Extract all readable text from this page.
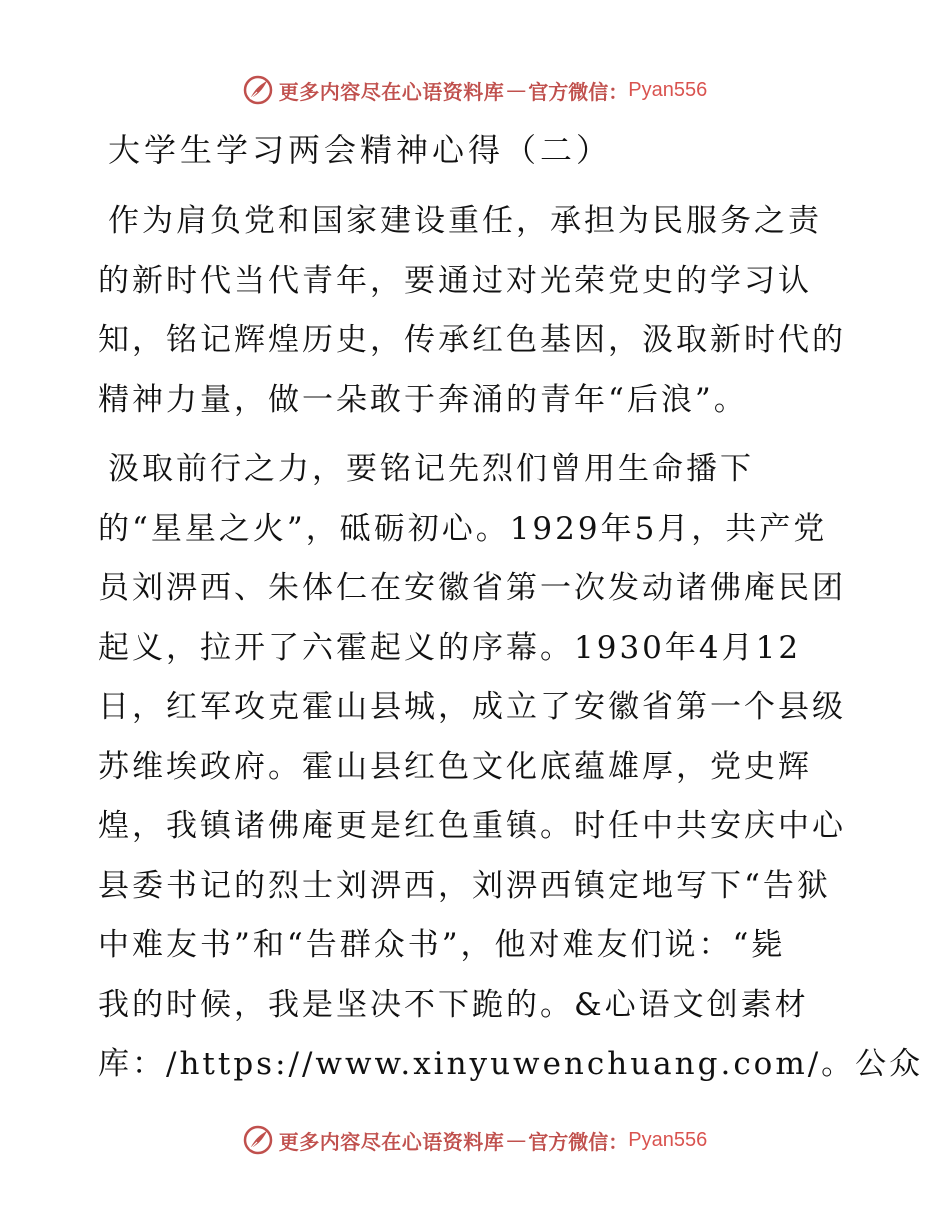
更多内容尽在心语资料库 — 官方微信： Pyan556
大学生学习两会精神心得（二）
作为肩负党和国家建设重任，承担为民服务之责
的新时代当代青年，要通过对光荣党史的学习认
知，铭记辉煌历史，传承红色基因，汲取新时代的
精神力量，做一朵敢于奔涌的青年“后浪”。
汲取前行之力，要铭记先烈们曾用生命播下
的“星星之火”，砥砺初心。1929年5月，共产党
员刘淠西、朱体仁在安徽省第一次发动诸佛庵民团
起义，拉开了六霍起义的序幕。1930年4月12
日，红军攻克霍山县城，成立了安徽省第一个县级
苏维埃政府。霍山县红色文化底蕴雄厚，党史辉
煌，我镇诸佛庵更是红色重镇。时任中共安庆中心
县委书记的烈士刘淠西，刘淠西镇定地写下“告狱
中难友书”和“告群众书”，他对难友们说：“毙
我的时候，我是坚决不下跪的。&心语文创素材
库：/https://www.xinyuwenchuang.com/。公众
更多内容尽在心语资料库 — 官方微信： Pyan556
